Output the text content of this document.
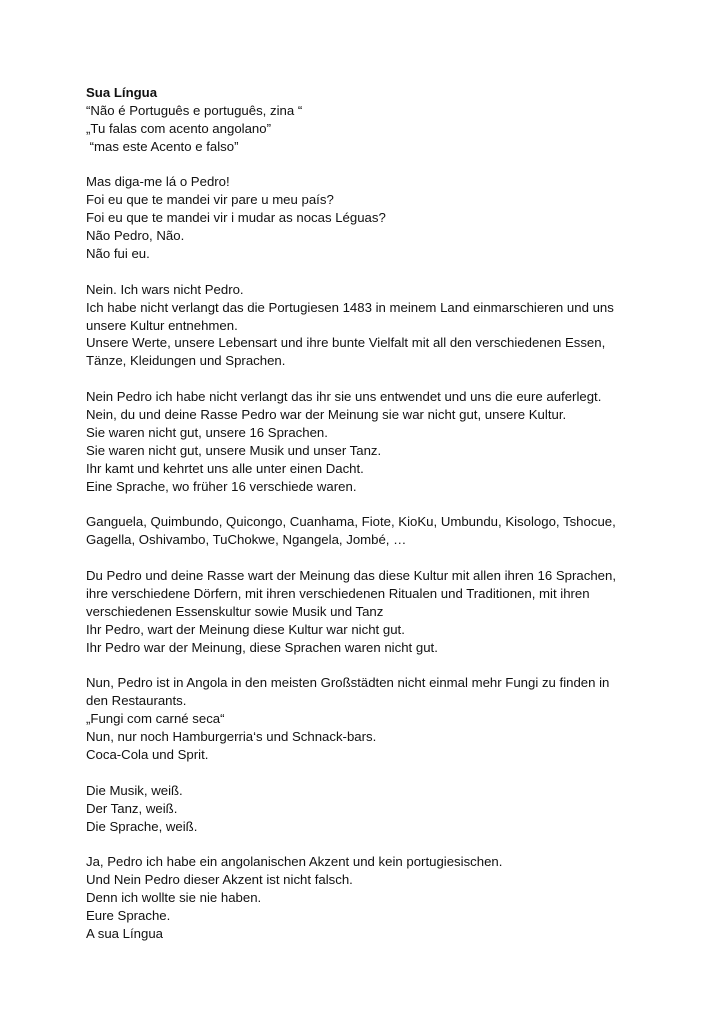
Sua Língua
“Não é Português e português, zina “
„Tu falas com acento angolano”
“mas este Acento e falso”
Mas diga-me lá o Pedro!
Foi eu que te mandei vir pare u meu país?
Foi eu que te mandei vir i mudar as nocas Léguas?
Não Pedro, Não.
Não fui eu.
Nein. Ich wars nicht Pedro.
Ich habe nicht verlangt das die Portugiesen 1483 in meinem Land einmarschieren und uns
unsere Kultur entnehmen.
Unsere Werte, unsere Lebensart und ihre bunte Vielfalt mit all den verschiedenen Essen,
Tänze, Kleidungen und Sprachen.
Nein Pedro ich habe nicht verlangt das ihr sie uns entwendet und uns die eure auferlegt.
Nein, du und deine Rasse Pedro war der Meinung sie war nicht gut, unsere Kultur.
Sie waren nicht gut, unsere 16 Sprachen.
Sie waren nicht gut, unsere Musik und unser Tanz.
Ihr kamt und kehrtet uns alle unter einen Dacht.
Eine Sprache, wo früher 16 verschiede waren.
Ganguela, Quimbundo, Quicongo, Cuanhama, Fiote, KioKu, Umbundu, Kisologo, Tshocue,
Gagella, Oshivambo, TuChokwe, Ngangela, Jombé, …
Du Pedro und deine Rasse wart der Meinung das diese Kultur mit allen ihren 16 Sprachen,
ihre verschiedene Dörfern, mit ihren verschiedenen Ritualen und Traditionen, mit ihren
verschiedenen Essenskultur sowie Musik und Tanz
Ihr Pedro, wart der Meinung diese Kultur war nicht gut.
Ihr Pedro war der Meinung, diese Sprachen waren nicht gut.
Nun, Pedro ist in Angola in den meisten Großstädten nicht einmal mehr Fungi zu finden in
den Restaurants.
„Fungi com carné seca“
Nun, nur noch Hamburgerria‘s und Schnack-bars.
Coca-Cola und Sprit.
Die Musik, weiß.
Der Tanz, weiß.
Die Sprache, weiß.
Ja, Pedro ich habe ein angolanischen Akzent und kein portugiesischen.
Und Nein Pedro dieser Akzent ist nicht falsch.
Denn ich wollte sie nie haben.
Eure Sprache.
A sua Língua
